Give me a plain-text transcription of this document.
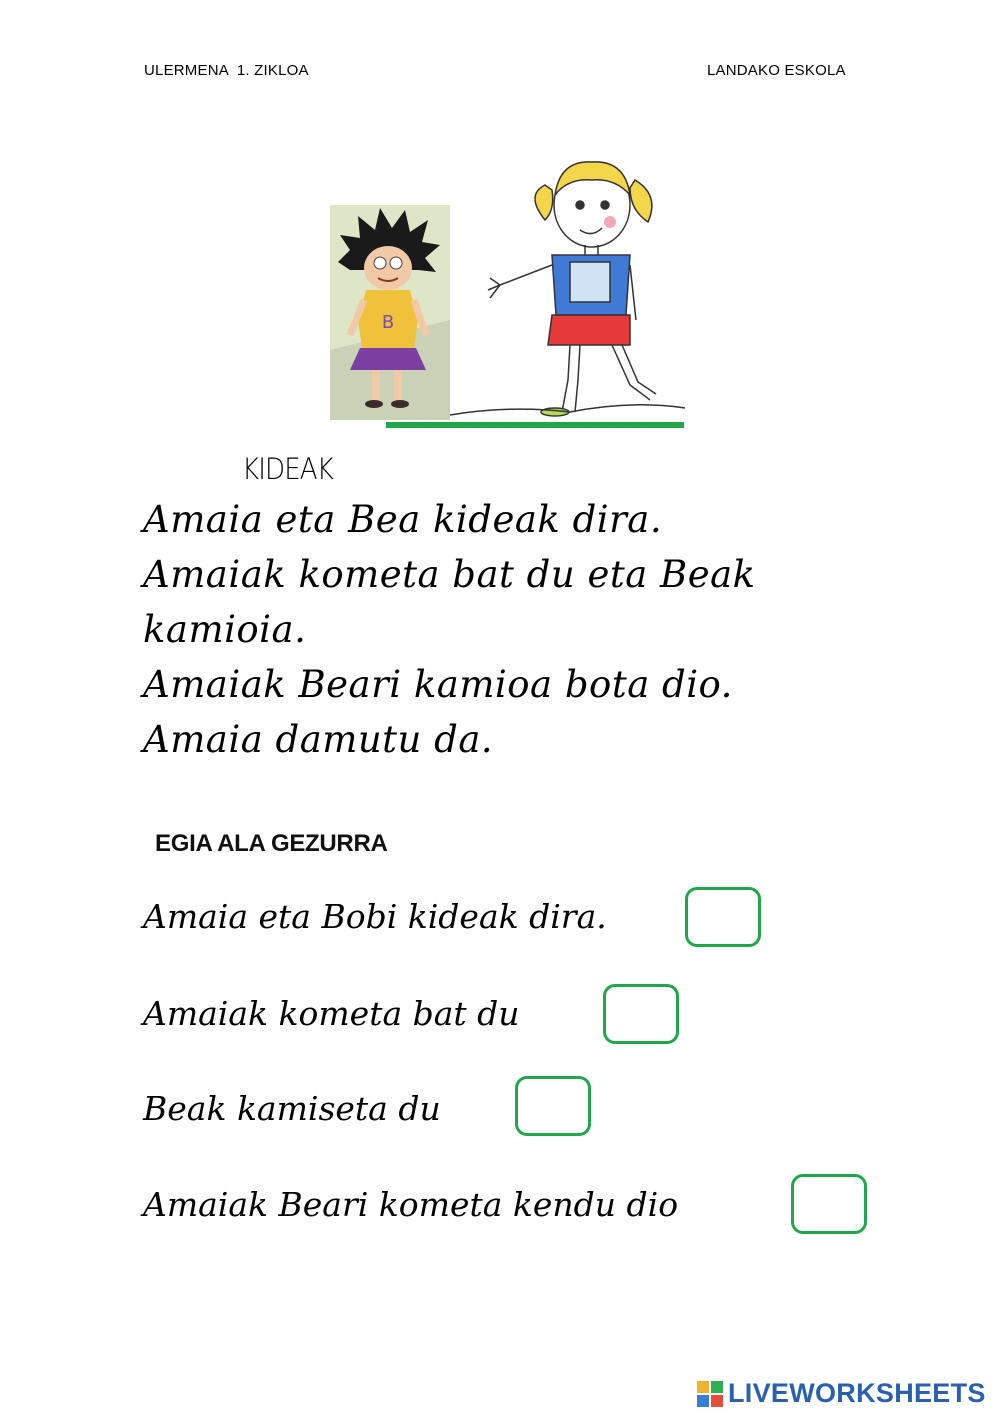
ULERMENA  1. ZIKLOA	LANDAKO ESKOLA
B
KIDEAK
Amaia eta Bea kideak dira.
Amaiak kometa bat du eta Beak
kamioia.
Amaiak Beari kamioa bota dio.
Amaia damutu da.
EGIA ALA GEZURRA
Amaia eta Bobi kideak dira.
Amaiak kometa bat du
Beak kamiseta du
Amaiak Beari kometa kendu dio
LIVEWORKSHEETS
